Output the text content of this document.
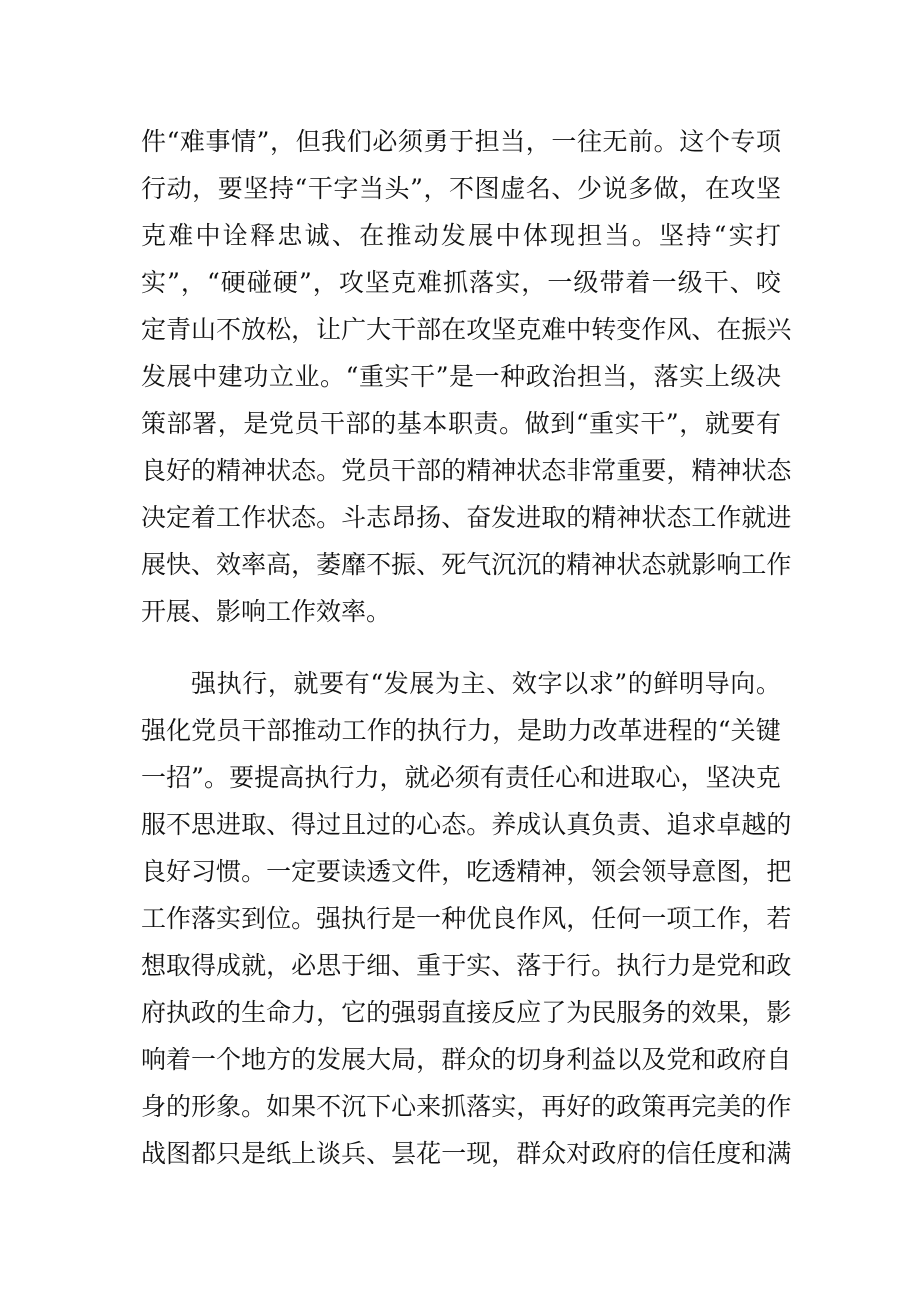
件 “ 难 事 情 ” ， 但 我 们 必 须 勇 于 担 当 ， 一 往 无 前 。 这 个 专 项
行 动 ， 要 坚 持 “ 干 字 当 头 ” ， 不 图 虚 名 、 少 说 多 做 ， 在 攻 坚
克 难 中 诠 释 忠 诚 、 在 推 动 发 展 中 体 现 担 当 。 坚 持 “ 实 打
实 ” ， “ 硬 碰 硬 ” ， 攻 坚 克 难 抓 落 实 ， 一 级 带 着 一 级 干 、 咬
定 青 山 不 放 松 ， 让 广 大 干 部 在 攻 坚 克 难 中 转 变 作 风 、 在 振 兴
发 展 中 建 功 立 业 。 “ 重 实 干 ” 是 一 种 政 治 担 当 ， 落 实 上 级 决
策 部 署 ， 是 党 员 干 部 的 基 本 职 责 。 做 到 “ 重 实 干 ” ， 就 要 有
良 好 的 精 神 状 态 。 党 员 干 部 的 精 神 状 态 非 常 重 要 ， 精 神 状 态
决 定 着 工 作 状 态 。 斗 志 昂 扬 、 奋 发 进 取 的 精 神 状 态 工 作 就 进
展 快 、 效 率 高 ， 萎 靡 不 振 、 死 气 沉 沉 的 精 神 状 态 就 影 响 工 作
开展、影响工作效率。
强 执 行 ， 就 要 有 “ 发 展 为 主 、 效 字 以 求 ” 的 鲜 明 导 向 。
强 化 党 员 干 部 推 动 工 作 的 执 行 力 ， 是 助 力 改 革 进 程 的 “ 关 键
一 招 ” 。 要 提 高 执 行 力 ， 就 必 须 有 责 任 心 和 进 取 心 ， 坚 决 克
服 不 思 进 取 、 得 过 且 过 的 心 态 。 养 成 认 真 负 责 、 追 求 卓 越 的
良 好 习 惯 。 一 定 要 读 透 文 件 ， 吃 透 精 神 ， 领 会 领 导 意 图 ， 把
工 作 落 实 到 位 。 强 执 行 是 一 种 优 良 作 风 ， 任 何 一 项 工 作 ， 若
想 取 得 成 就 ， 必 思 于 细 、 重 于 实 、 落 于 行 。 执 行 力 是 党 和 政
府 执 政 的 生 命 力 ， 它 的 强 弱 直 接 反 应 了 为 民 服 务 的 效 果 ， 影
响 着 一 个 地 方 的 发 展 大 局 ， 群 众 的 切 身 利 益 以 及 党 和 政 府 自
身 的 形 象 。 如 果 不 沉 下 心 来 抓 落 实 ， 再 好 的 政 策 再 完 美 的 作
战 图 都 只 是 纸 上 谈 兵 、 昙 花 一 现 ， 群 众 对 政 府 的 信 任 度 和 满
